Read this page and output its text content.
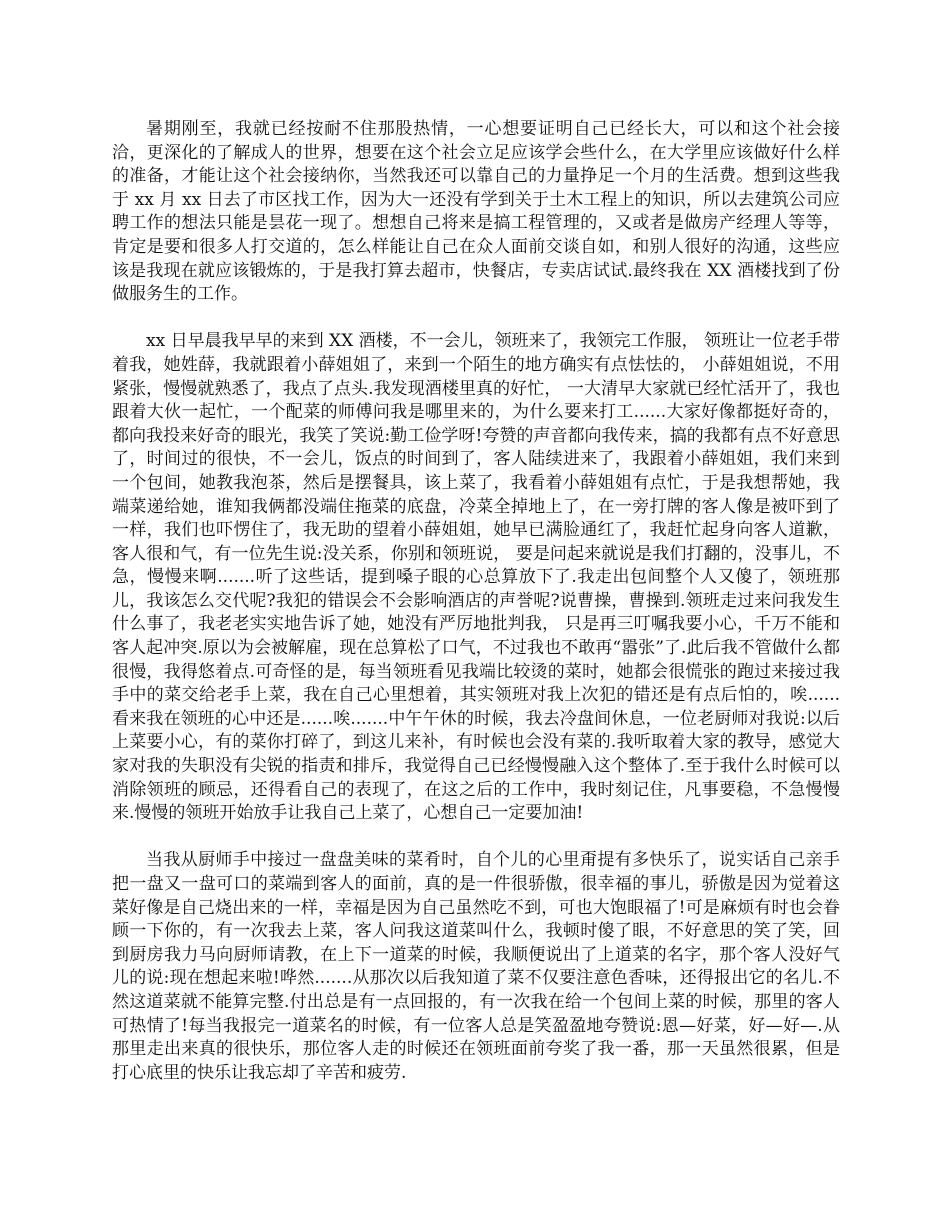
暑期刚至，我就已经按耐不住那股热情，一心想要证明自己已经长大，可以和这个社会接洽，更深化的了解成人的世界，想要在这个社会立足应该学会些什么，在大学里应该做好什么样的准备，才能让这个社会接纳你，当然我还可以靠自己的力量挣足一个月的生活费。想到这些我于 xx 月 xx 日去了市区找工作，因为大一还没有学到关于土木工程上的知识，所以去建筑公司应聘工作的想法只能是昙花一现了。想想自己将来是搞工程管理的，又或者是做房产经理人等等，肯定是要和很多人打交道的，怎么样能让自己在众人面前交谈自如，和别人很好的沟通，这些应该是我现在就应该锻炼的，于是我打算去超市，快餐店，专卖店试试.最终我在 XX 酒楼找到了份做服务生的工作。

xx 日早晨我早早的来到 XX 酒楼，不一会儿，领班来了，我领完工作服， 领班让一位老手带着我，她姓薛，我就跟着小薛姐姐了，来到一个陌生的地方确实有点怯怯的， 小薛姐姐说，不用紧张，慢慢就熟悉了，我点了点头.我发现酒楼里真的好忙， 一大清早大家就已经忙活开了，我也跟着大伙一起忙，一个配菜的师傅问我是哪里来的，为什么要来打工......大家好像都挺好奇的， 都向我投来好奇的眼光，我笑了笑说:勤工俭学呀!夸赞的声音都向我传来，搞的我都有点不好意思了，时间过的很快，不一会儿，饭点的时间到了，客人陆续进来了，我跟着小薛姐姐，我们来到一个包间，她教我泡茶，然后是摆餐具，该上菜了，我看着小薛姐姐有点忙，于是我想帮她，我端菜递给她，谁知我俩都没端住拖菜的底盘，冷菜全掉地上了，在一旁打牌的客人像是被吓到了一样，我们也吓愣住了，我无助的望着小薛姐姐，她早已满脸通红了，我赶忙起身向客人道歉，客人很和气，有一位先生说:没关系，你别和领班说， 要是问起来就说是我们打翻的，没事儿，不急，慢慢来啊.......听了这些话，提到嗓子眼的心总算放下了.我走出包间整个人又傻了，领班那儿，我该怎么交代呢?我犯的错误会不会影响酒店的声誉呢?说曹操，曹操到.领班走过来问我发生什么事了，我老老实实地告诉了她，她没有严厉地批判我， 只是再三叮嘱我要小心，千万不能和客人起冲突.原以为会被解雇，现在总算松了口气，不过我也不敢再“嚣张”了.此后我不管做什么都很慢，我得悠着点.可奇怪的是，每当领班看见我端比较烫的菜时，她都会很慌张的跑过来接过我手中的菜交给老手上菜，我在自己心里想着，其实领班对我上次犯的错还是有点后怕的，唉......看来我在领班的心中还是......唉.......中午午休的时候，我去冷盘间休息，一位老厨师对我说:以后上菜要小心，有的菜你打碎了，到这儿来补，有时候也会没有菜的.我听取着大家的教导，感觉大家对我的失职没有尖锐的指责和排斥，我觉得自己已经慢慢融入这个整体了.至于我什么时候可以消除领班的顾忌，还得看自己的表现了，在这之后的工作中，我时刻记住，凡事要稳，不急慢慢来.慢慢的领班开始放手让我自己上菜了，心想自己一定要加油!

当我从厨师手中接过一盘盘美味的菜肴时，自个儿的心里甭提有多快乐了，说实话自己亲手把一盘又一盘可口的菜端到客人的面前，真的是一件很骄傲，很幸福的事儿，骄傲是因为觉着这菜好像是自己烧出来的一样，幸福是因为自己虽然吃不到，可也大饱眼福了!可是麻烦有时也会眷顾一下你的，有一次我去上菜，客人问我这道菜叫什么，我顿时傻了眼，不好意思的笑了笑，回到厨房我力马向厨师请教，在上下一道菜的时候，我顺便说出了上道菜的名字，那个客人没好气儿的说:现在想起来啦!哗然.......从那次以后我知道了菜不仅要注意色香味，还得报出它的名儿.不然这道菜就不能算完整.付出总是有一点回报的，有一次我在给一个包间上菜的时候，那里的客人可热情了!每当我报完一道菜名的时候，有一位客人总是笑盈盈地夸赞说:恩—好菜，好—好—.从那里走出来真的很快乐，那位客人走的时候还在领班面前夸奖了我一番，那一天虽然很累，但是打心底里的快乐让我忘却了辛苦和疲劳.
